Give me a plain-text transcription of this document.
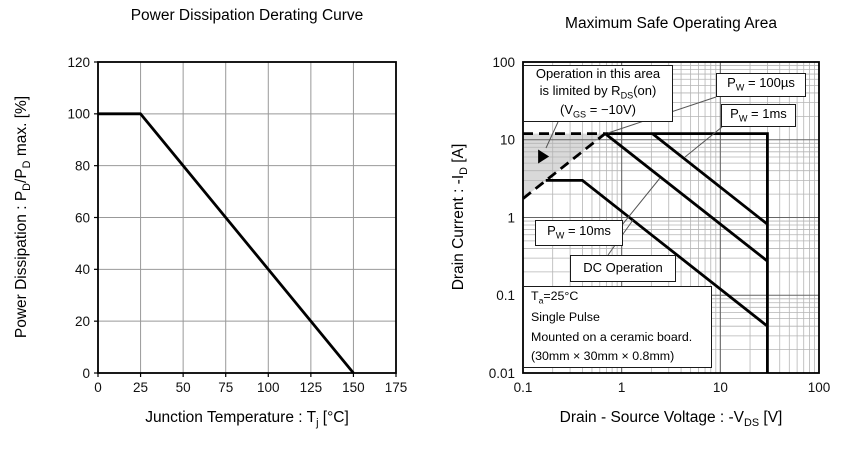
0 25 50 75 100 125 150 175
0
20
40
60
80
100
120
0.1	1	10	100
0.01
0.1
1
10
100
Power Dissipation Derating Curve	Maximum Safe Operating Area
Power Dissipation : $P_D/P_D$ max. [%]
Junction Temperature : $T_j$ [°C]
Drain Current : $-I_D$ [A]
Drain - Source Voltage : $-V_{DS}$ [V]
Operation in this area
is limited by $R_{DS}(on)$
$(V_{GS} = -10V)$
$P_W = 100\mu s$
$P_W = 1ms$
$P_W = 10ms$
DC Operation
$T_a=25^\circ C$
Single Pulse
Mounted on a ceramic board.
(30mm × 30mm × 0.8mm)
